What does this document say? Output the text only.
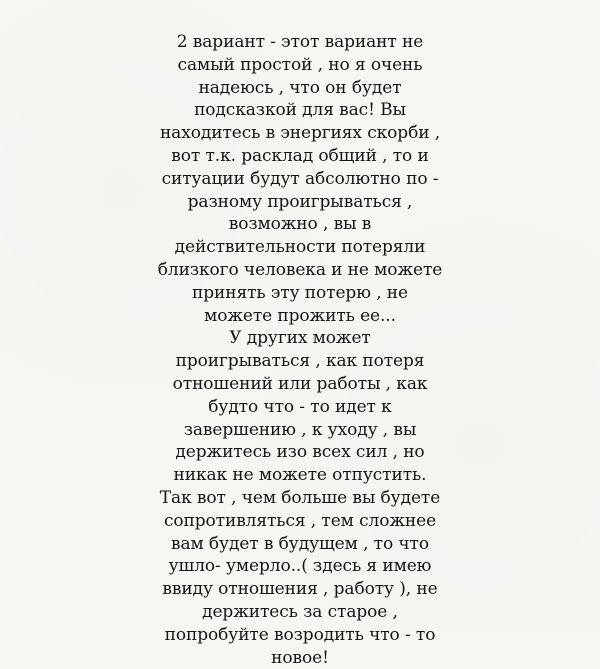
2 вариант - этот вариант не
самый простой , но я очень
надеюсь , что он будет
подсказкой для вас! Вы
находитесь в энергиях скорби ,
вот т.к. расклад общий , то и
ситуации будут абсолютно по -
разному проигрываться ,
возможно , вы в
действительности потеряли
близкого человека и не можете
принять эту потерю , не
можете прожить ее...
У других может
проигрываться , как потеря
отношений или работы , как
будто что - то идет к
завершению , к уходу , вы
держитесь изо всех сил , но
никак не можете отпустить.
Так вот , чем больше вы будете
сопротивляться , тем сложнее
вам будет в будущем , то что
ушло- умерло..( здесь я имею
ввиду отношения , работу ), не
держитесь за старое ,
попробуйте возродить что - то
новое!
